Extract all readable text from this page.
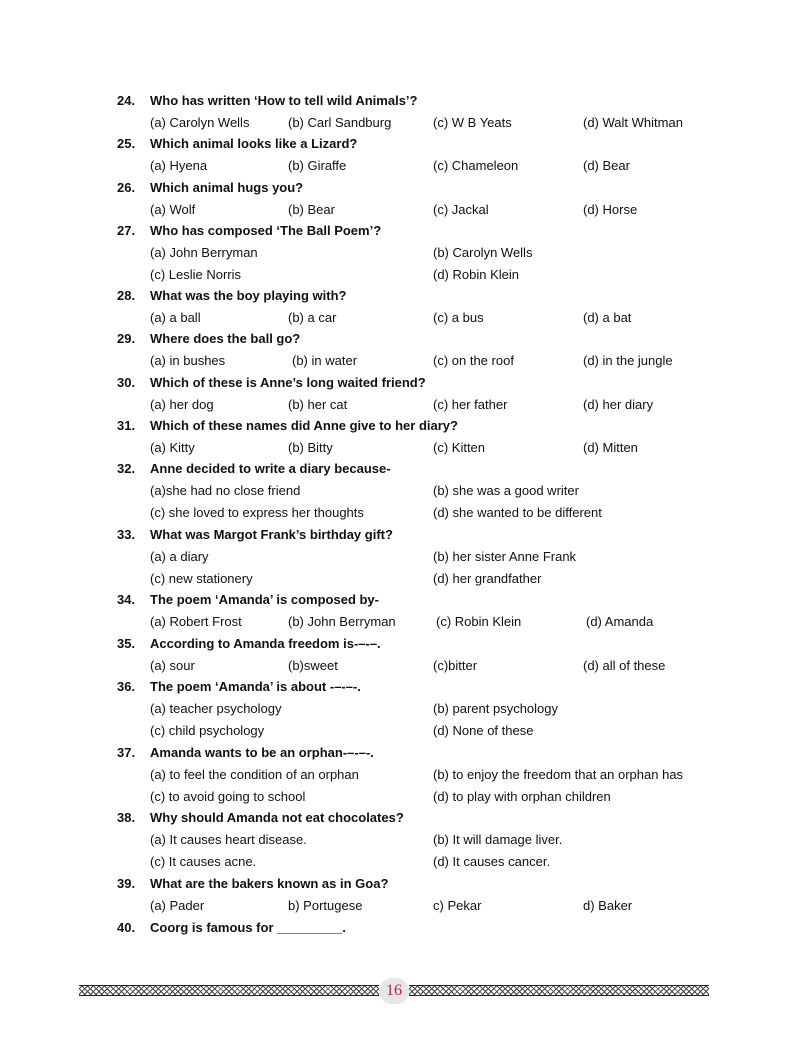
24. Who has written ‘How to tell wild Animals’?
(a) Carolyn Wells	(b) Carl Sandburg	(c) W B Yeats	(d) Walt Whitman
25. Which animal looks like a Lizard?
(a) Hyena	(b) Giraffe	(c) Chameleon	(d) Bear
26. Which animal hugs you?
(a) Wolf	(b) Bear	(c) Jackal	(d) Horse
27. Who has composed ‘The Ball Poem’?
(a) John Berryman	(b) Carolyn Wells
(c) Leslie Norris	(d) Robin Klein
28. What was the boy playing with?
(a) a ball	(b) a car	(c) a bus	(d) a bat
29. Where does the ball go?
(a) in bushes	(b) in water	(c) on the roof	(d) in the jungle
30. Which of these is Anne’s long waited friend?
(a) her dog	(b) her cat	(c) her father	(d) her diary
31. Which of these names did Anne give to her diary?
(a) Kitty	(b) Bitty	(c) Kitten	(d) Mitten
32. Anne decided to write a diary because-
(a)she had no close friend	(b) she was a good writer
(c) she loved to express her thoughts	(d) she wanted to be different
33. What was Margot Frank’s birthday gift?
(a) a diary	(b) her sister Anne Frank
(c) new stationery	(d) her grandfather
34. The poem ‘Amanda’ is composed by-
(a) Robert Frost	(b) John Berryman	(c) Robin Klein	(d) Amanda
35. According to Amanda freedom is-–-–.
(a) sour	(b)sweet	(c)bitter	(d) all of these
36. The poem ‘Amanda’ is about -–-–-.
(a) teacher psychology	(b) parent psychology
(c) child psychology	(d) None of these
37. Amanda wants to be an orphan-–-–-.
(a) to feel the condition of an orphan	(b) to enjoy the freedom that an orphan has
(c) to avoid going to school	(d) to play with orphan children
38. Why should Amanda not eat chocolates?
(a) It causes heart disease.	(b) It will damage liver.
(c) It causes acne.	(d) It causes cancer.
39. What are the bakers known as in Goa?
(a) Pader	b) Portugese	c) Pekar	d) Baker
40. Coorg is famous for _________.
16
